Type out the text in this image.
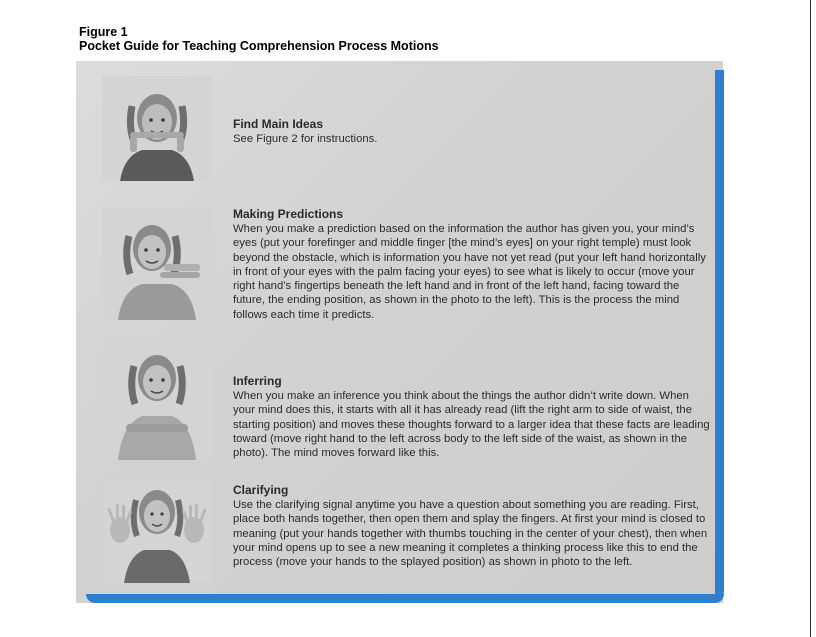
Figure 1
Pocket Guide for Teaching Comprehension Process Motions
Find Main Ideas
See Figure 2 for instructions.
Making Predictions
When you make a prediction based on the information the author has given you, your mind’s eyes (put your forefinger and middle finger [the mind’s eyes] on your right temple) must look beyond the obstacle, which is information you have not yet read (put your left hand horizontally in front of your eyes with the palm facing your eyes) to see what is likely to occur (move your right hand’s fingertips beneath the left hand and in front of the left hand, facing toward the future, the ending position, as shown in the photo to the left). This is the process the mind follows each time it predicts.
Inferring
When you make an inference you think about the things the author didn’t write down. When your mind does this, it starts with all it has already read (lift the right arm to side of waist, the starting position) and moves these thoughts forward to a larger idea that these facts are leading toward (move right hand to the left across body to the left side of the waist, as shown in the photo). The mind moves forward like this.
Clarifying
Use the clarifying signal anytime you have a question about something you are reading. First, place both hands together, then open them and splay the fingers. At first your mind is closed to meaning (put your hands together with thumbs touching in the center of your chest), then when your mind opens up to see a new meaning it completes a thinking process like this to end the process (move your hands to the splayed position) as shown in photo to the left.
